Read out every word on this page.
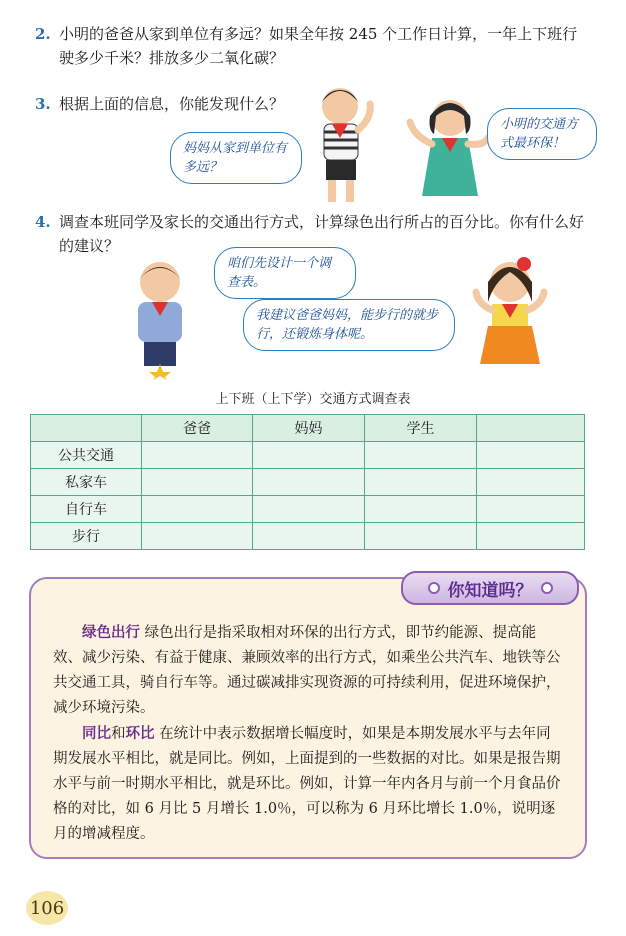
2. 小明的爸爸从家到单位有多远？如果全年按 245 个工作日计算，一年上下班行驶多少千米？排放多少二氧化碳？
3. 根据上面的信息，你能发现什么？
妈妈从家到单位有多远？
小明的交通方式最环保！
4. 调查本班同学及家长的交通出行方式，计算绿色出行所占的百分比。你有什么好的建议？
咱们先设计一个调查表。
我建议爸爸妈妈，能步行的就步行，还锻炼身体呢。
上下班（上下学）交通方式调查表
	爸爸	妈妈	学生	
公共交通				
私家车				
自行车				
步行				
你知道吗？
绿色出行 绿色出行是指采取相对环保的出行方式，即节约能源、提高能效、减少污染、有益于健康、兼顾效率的出行方式，如乘坐公共汽车、地铁等公共交通工具，骑自行车等。通过碳减排实现资源的可持续利用，促进环境保护，减少环境污染。
同比和环比 在统计中表示数据增长幅度时，如果是本期发展水平与去年同期发展水平相比，就是同比。例如，上面提到的一些数据的对比。如果是报告期水平与前一时期水平相比，就是环比。例如，计算一年内各月与前一个月食品价格的对比，如 6 月比 5 月增长 1.0％，可以称为 6 月环比增长 1.0％，说明逐月的增减程度。
106
